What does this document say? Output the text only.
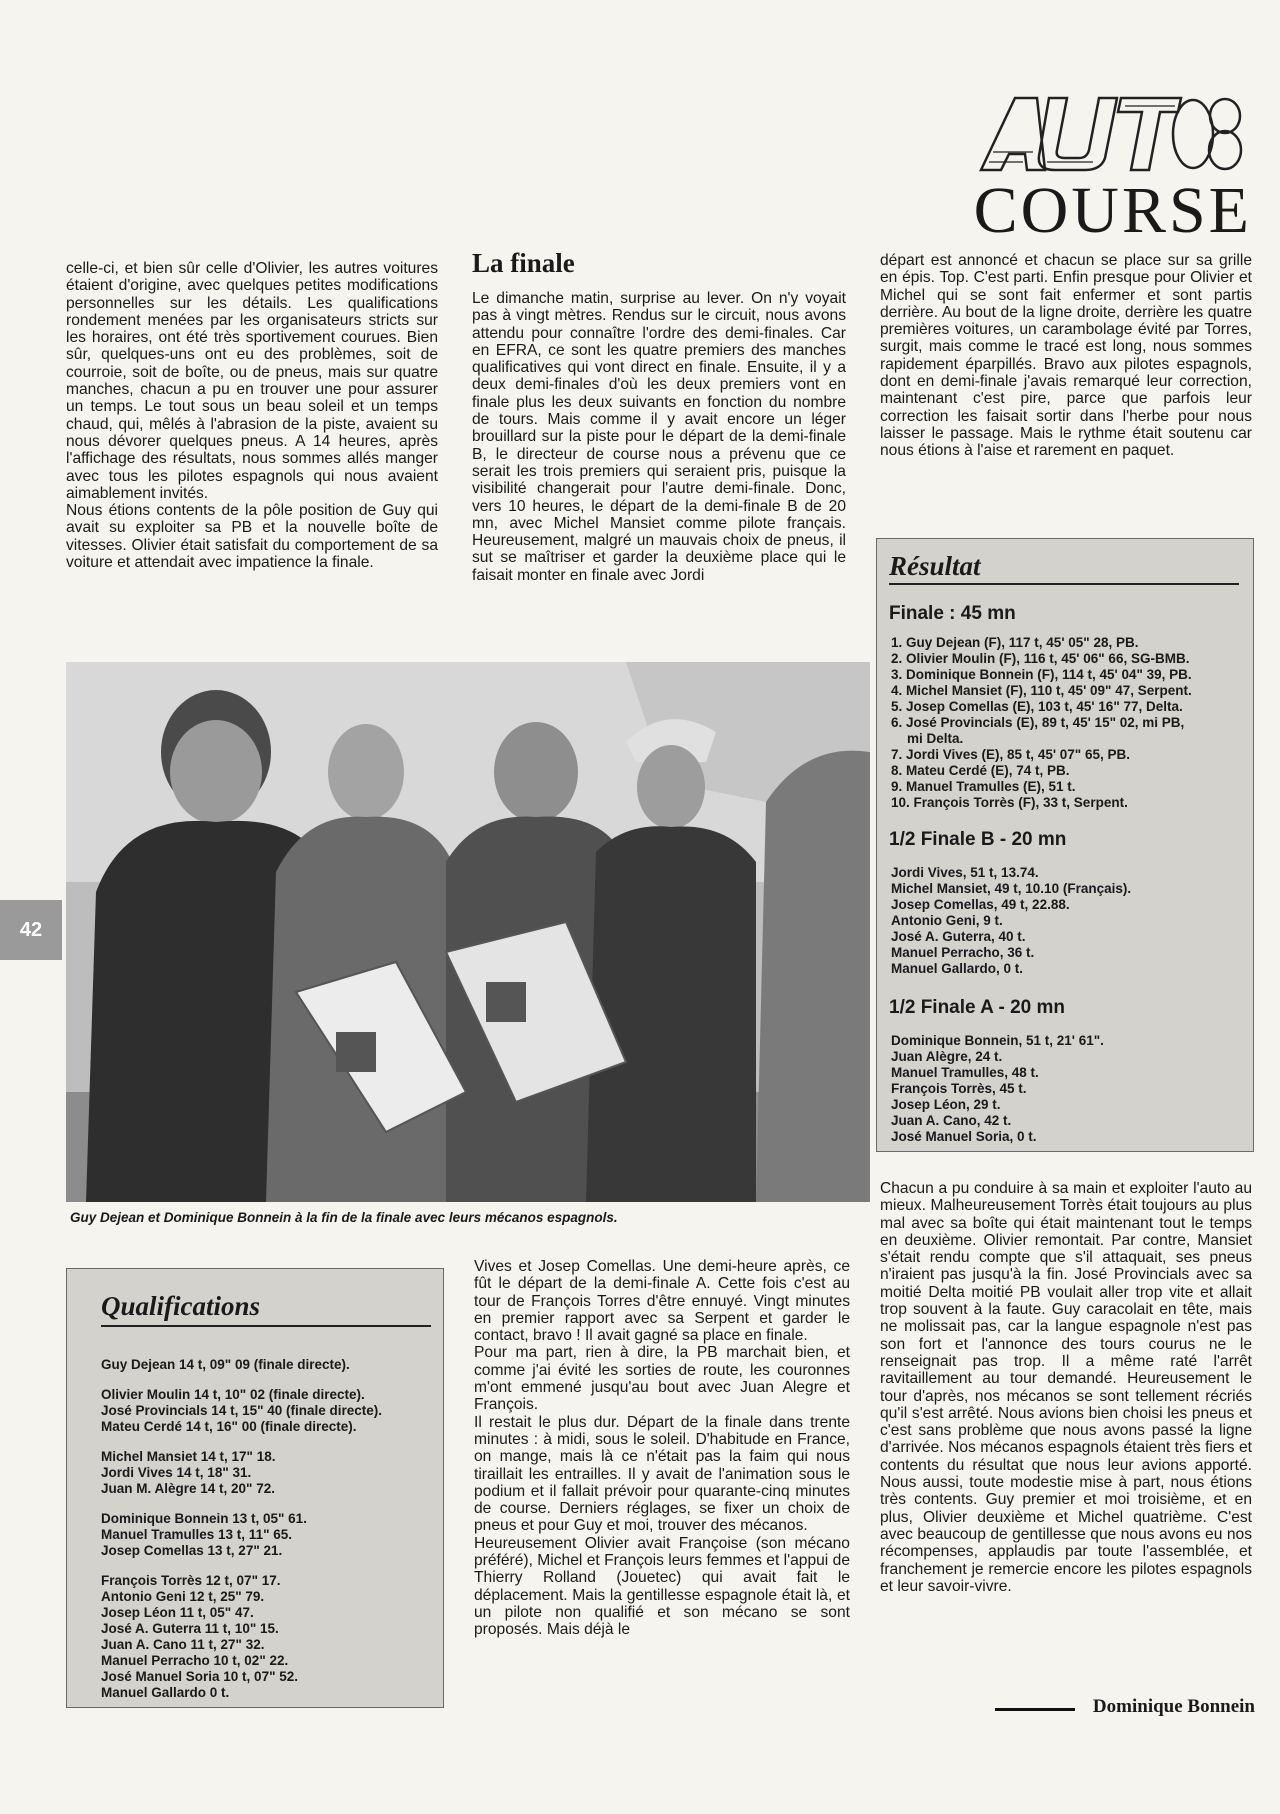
AUTO8
COURSE
42

celle-ci, et bien sûr celle d'Olivier, les autres voitures étaient d'origine, avec quelques petites modifications personnelles sur les détails. Les qualifications rondement menées par les organisateurs stricts sur les horaires, ont été très sportivement courues. Bien sûr, quelques-uns ont eu des problèmes, soit de courroie, soit de boîte, ou de pneus, mais sur quatre manches, chacun a pu en trouver une pour assurer un temps. Le tout sous un beau soleil et un temps chaud, qui, mêlés à l'abrasion de la piste, avaient su nous dévorer quelques pneus. A 14 heures, après l'affichage des résultats, nous sommes allés manger avec tous les pilotes espagnols qui nous avaient aimablement invités.

Nous étions contents de la pôle position de Guy qui avait su exploiter sa PB et la nouvelle boîte de vitesses. Olivier était satisfait du comportement de sa voiture et attendait avec impatience la finale.

La finale

Le dimanche matin, surprise au lever. On n'y voyait pas à vingt mètres. Rendus sur le circuit, nous avons attendu pour connaître l'ordre des demi-finales. Car en EFRA, ce sont les quatre premiers des manches qualificatives qui vont direct en finale. Ensuite, il y a deux demi-finales d'où les deux premiers vont en finale plus les deux suivants en fonction du nombre de tours. Mais comme il y avait encore un léger brouillard sur la piste pour le départ de la demi-finale B, le directeur de course nous a prévenu que ce serait les trois premiers qui seraient pris, puisque la visibilité changerait pour l'autre demi-finale. Donc, vers 10 heures, le départ de la demi-finale B de 20 mn, avec Michel Mansiet comme pilote français. Heureusement, malgré un mauvais choix de pneus, il sut se maîtriser et garder la deuxième place qui le faisait monter en finale avec Jordi

départ est annoncé et chacun se place sur sa grille en épis. Top. C'est parti. Enfin presque pour Olivier et Michel qui se sont fait enfermer et sont partis derrière. Au bout de la ligne droite, derrière les quatre premières voitures, un carambolage évité par Torres, surgit, mais comme le tracé est long, nous sommes rapidement éparpillés. Bravo aux pilotes espagnols, dont en demi-finale j'avais remarqué leur correction, maintenant c'est pire, parce que parfois leur correction les faisait sortir dans l'herbe pour nous laisser le passage. Mais le rythme était soutenu car nous étions à l'aise et rarement en paquet.

Résultat
Finale : 45 mn
1. Guy Dejean (F), 117 t, 45' 05" 28, PB.
2. Olivier Moulin (F), 116 t, 45' 06" 66, SG-BMB.
3. Dominique Bonnein (F), 114 t, 45' 04" 39, PB.
4. Michel Mansiet (F), 110 t, 45' 09" 47, Serpent.
5. Josep Comellas (E), 103 t, 45' 16" 77, Delta.
6. José Provincials (E), 89 t, 45' 15" 02, mi PB,
mi Delta.
7. Jordi Vives (E), 85 t, 45' 07" 65, PB.
8. Mateu Cerdé (E), 74 t, PB.
9. Manuel Tramulles (E), 51 t.
10. François Torrès (F), 33 t, Serpent.
1/2 Finale B - 20 mn
Jordi Vives, 51 t, 13.74.
Michel Mansiet, 49 t, 10.10 (Français).
Josep Comellas, 49 t, 22.88.
Antonio Geni, 9 t.
José A. Guterra, 40 t.
Manuel Perracho, 36 t.
Manuel Gallardo, 0 t.
1/2 Finale A - 20 mn
Dominique Bonnein, 51 t, 21' 61".
Juan Alègre, 24 t.
Manuel Tramulles, 48 t.
François Torrès, 45 t.
Josep Léon, 29 t.
Juan A. Cano, 42 t.
José Manuel Soria, 0 t.
Guy Dejean et Dominique Bonnein à la fin de la finale avec leurs mécanos espagnols.
Qualifications
Guy Dejean 14 t, 09" 09 (finale directe).
Olivier Moulin 14 t, 10" 02 (finale directe).
José Provincials 14 t, 15" 40 (finale directe).
Mateu Cerdé 14 t, 16" 00 (finale directe).
Michel Mansiet 14 t, 17" 18.
Jordi Vives 14 t, 18" 31.
Juan M. Alègre 14 t, 20" 72.
Dominique Bonnein 13 t, 05" 61.
Manuel Tramulles 13 t, 11" 65.
Josep Comellas 13 t, 27" 21.
François Torrès 12 t, 07" 17.
Antonio Geni 12 t, 25" 79.
Josep Léon 11 t, 05" 47.
José A. Guterra 11 t, 10" 15.
Juan A. Cano 11 t, 27" 32.
Manuel Perracho 10 t, 02" 22.
José Manuel Soria 10 t, 07" 52.
Manuel Gallardo 0 t.

Vives et Josep Comellas. Une demi-heure après, ce fût le départ de la demi-finale A. Cette fois c'est au tour de François Torres d'être ennuyé. Vingt minutes en premier rapport avec sa Serpent et garder le contact, bravo ! Il avait gagné sa place en finale.

Pour ma part, rien à dire, la PB marchait bien, et comme j'ai évité les sorties de route, les couronnes m'ont emmené jusqu'au bout avec Juan Alegre et François.

Il restait le plus dur. Départ de la finale dans trente minutes : à midi, sous le soleil. D'habitude en France, on mange, mais là ce n'était pas la faim qui nous tiraillait les entrailles. Il y avait de l'animation sous le podium et il fallait prévoir pour quarante-cinq minutes de course. Derniers réglages, se fixer un choix de pneus et pour Guy et moi, trouver des mécanos.

Heureusement Olivier avait Françoise (son mécano préféré), Michel et François leurs femmes et l'appui de Thierry Rolland (Jouetec) qui avait fait le déplacement. Mais la gentillesse espagnole était là, et un pilote non qualifié et son mécano se sont proposés. Mais déjà le

Chacun a pu conduire à sa main et exploiter l'auto au mieux. Malheureusement Torrès était toujours au plus mal avec sa boîte qui était maintenant tout le temps en deuxième. Olivier remontait. Par contre, Mansiet s'était rendu compte que s'il attaquait, ses pneus n'iraient pas jusqu'à la fin. José Provincials avec sa moitié Delta moitié PB voulait aller trop vite et allait trop souvent à la faute. Guy caracolait en tête, mais ne molissait pas, car la langue espagnole n'est pas son fort et l'annonce des tours courus ne le renseignait pas trop. Il a même raté l'arrêt ravitaillement au tour demandé. Heureusement le tour d'après, nos mécanos se sont tellement récriés qu'il s'est arrêté. Nous avions bien choisi les pneus et c'est sans problème que nous avons passé la ligne d'arrivée. Nos mécanos espagnols étaient très fiers et contents du résultat que nous leur avions apporté. Nous aussi, toute modestie mise à part, nous étions très contents. Guy premier et moi troisième, et en plus, Olivier deuxième et Michel quatrième. C'est avec beaucoup de gentillesse que nous avons eu nos récompenses, applaudis par toute l'assemblée, et franchement je remercie encore les pilotes espagnols et leur savoir-vivre.

Dominique Bonnein
